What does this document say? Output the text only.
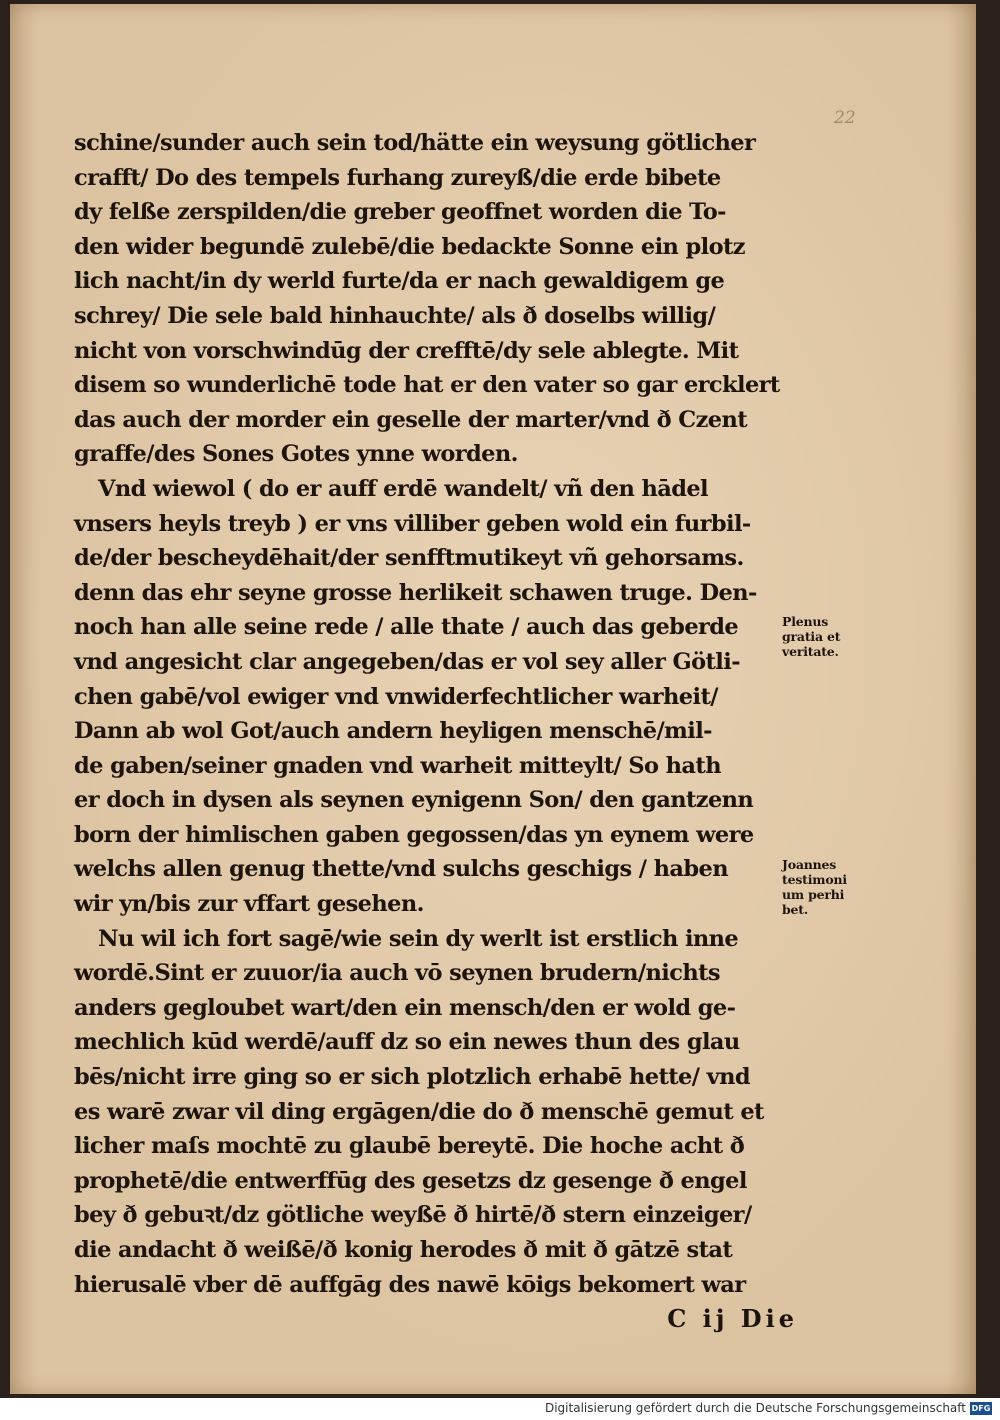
22
schine/sunder auch sein tod/hätte ein weysung götlicher
crafft/ Do des tempels furhang zureyß/die erde bibete
dy felße zerspilden/die greber geoffnet worden die To-
den wider begundē zulebē/die bedackte Sonne ein plotz
lich nacht/in dy werld furte/da er nach gewaldigem ge
schrey/ Die sele bald hinhauchte/ als ð doselbs willig/
nicht von vorschwindūg der crefftē/dy sele ablegte. Mit
disem so wunderlichē tode hat er den vater so gar ercklert
das auch der morder ein geselle der marter/vnd ð Czent
graffe/des Sones Gotes ynne worden.
Vnd wiewol ( do er auff erdē wandelt/ vñ den hādel
vnsers heyls treyb ) er vns villiber geben wold ein furbil-
de/der bescheydēhait/der senfftmutikeyt vñ gehorsams.
denn das ehr seyne grosse herlikeit schawen truge. Den-
noch han alle seine rede / alle thate / auch das geberde
vnd angesicht clar angegeben/das er vol sey aller Götli-
chen gabē/vol ewiger vnd vnwiderfechtlicher warheit/
Dann ab wol Got/auch andern heyligen menschē/mil-
de gaben/seiner gnaden vnd warheit mitteylt/ So hath
er doch in dysen als seynen eynigenn Son/ den gantzenn
born der himlischen gaben gegossen/das yn eynem were
welchs allen genug thette/vnd sulchs geschigs / haben
wir yn/bis zur vffart gesehen.
Nu wil ich fort sagē/wie sein dy werlt ist erstlich inne
wordē.Sint er zuuor/ia auch vō seynen brudern/nichts
anders gegloubet wart/den ein mensch/den er wold ge-
mechlich kūd werdē/auff dz so ein newes thun des glau
bēs/nicht irre ging so er sich plotzlich erhabē hette/ vnd
es warē zwar vil ding ergāgen/die do ð menschē gemut et
licher maſs mochtē zu glaubē bereytē. Die hoche acht ð
prophetē/die entwerffūg des gesetzs dz gesenge ð engel
bey ð gebuꝛt/dz götliche weyßē ð hirtē/ð stern einzeiger/
die andacht ð weißē/ð konig herodes ð mit ð gātzē stat
hierusalē vber dē auffgāg des nawē kōigs bekomert war
C ij Die
Plenus
gratia et
veritate.
Joannes
testimoni
um perhi
bet.
Digitalisierung gefördert durch die Deutsche Forschungsgemeinschaft DFG
